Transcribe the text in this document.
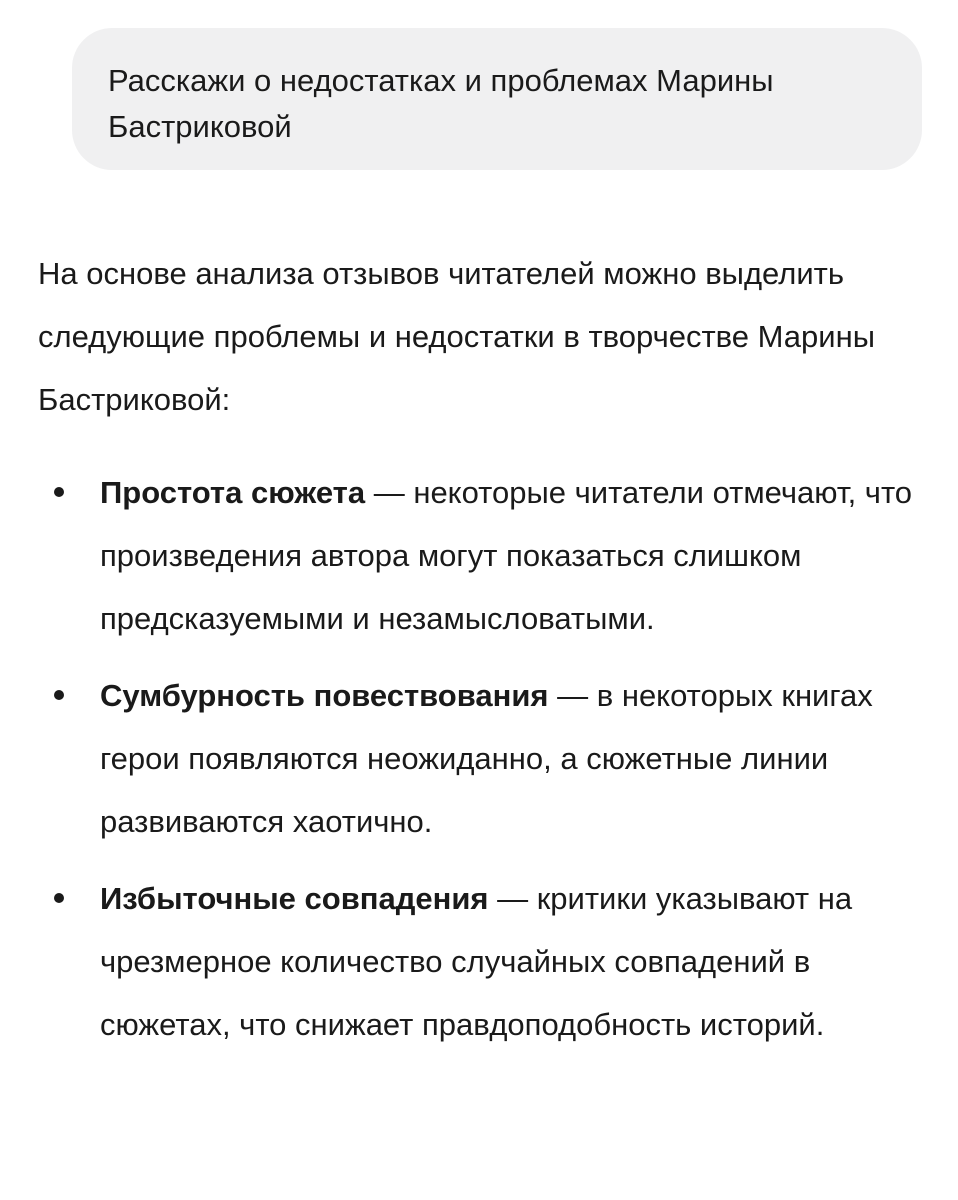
Расскажи о недостатках и проблемах Марины Бастриковой

На основе анализа отзывов читателей можно выделить следующие проблемы и недостатки в творчестве Марины Бастриковой:

Простота сюжета — некоторые читатели отмечают, что произведения автора могут показаться слишком предсказуемыми и незамысловатыми.
Сумбурность повествования — в некоторых книгах герои появляются неожиданно, а сюжетные линии развиваются хаотично.
Избыточные совпадения — критики указывают на чрезмерное количество случайных совпадений в сюжетах, что снижает правдоподобность историй.
